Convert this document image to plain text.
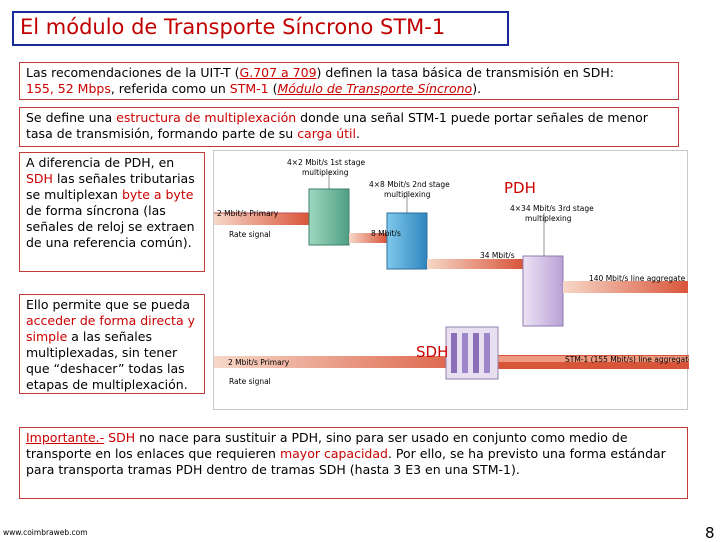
El módulo de Transporte Síncrono STM-1
Las recomendaciones de la UIT-T (G.707 a 709) definen la tasa básica de transmisión en SDH:
155, 52 Mbps, referida como un STM-1 (Módulo de Transporte Síncrono).
Se define una estructura de multiplexación donde una señal STM-1 puede portar señales de menor tasa de transmisión, formando parte de su carga útil.
A diferencia de PDH, en SDH las señales tributarias se multiplexan byte a byte de forma síncrona (las señales de reloj se extraen de una referencia común).
Ello permite que se pueda acceder de forma directa y simple a las señales multiplexadas, sin tener que “deshacer” todas las etapas de multiplexación.
4×2 Mbit/s 1st stage
multiplexing
4×8 Mbit/s 2nd stage
multiplexing
4×34 Mbit/s 3rd stage
multiplexing
2 Mbit/s Primary
Rate signal	8 Mbit/s
34 Mbit/s
140 Mbit/s line aggregate
PDH
2 Mbit/s Primary
Rate signal
STM-1 (155 Mbit/s) line aggregate
SDH
Importante.- SDH no nace para sustituir a PDH, sino para ser usado en conjunto como medio de transporte en los enlaces que requieren mayor capacidad. Por ello, se ha previsto una forma estándar para transporta tramas PDH dentro de tramas SDH (hasta 3 E3 en una STM-1).
www.coimbraweb.com	8
